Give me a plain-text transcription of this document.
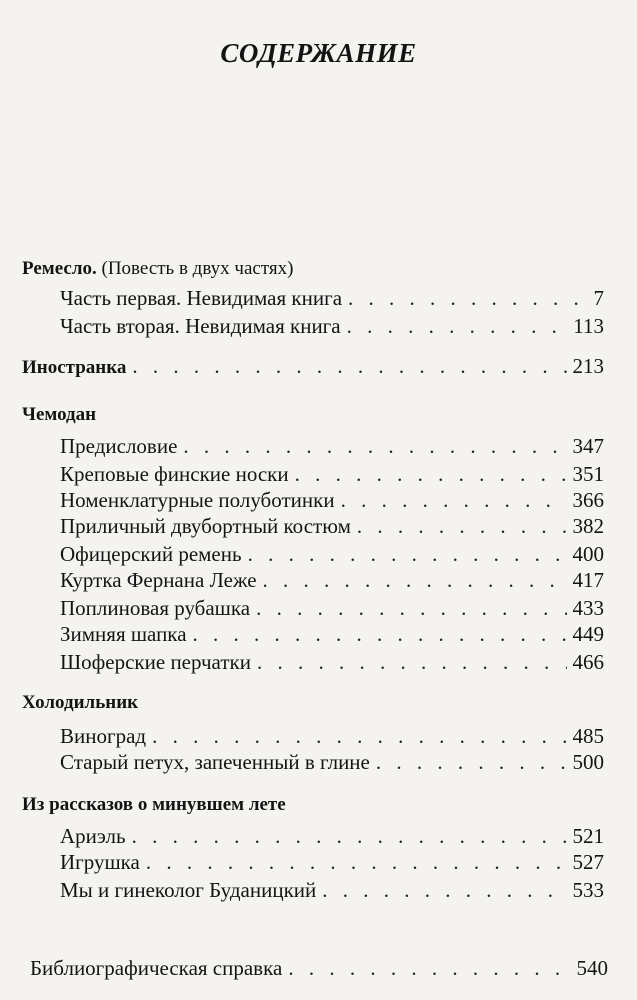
СОДЕРЖАНИЕ
Ремесло. (Повесть в двух частях)
Часть первая. Невидимая книга . . .	7
Часть вторая. Невидимая книга . . .	113
Иностранка . . .	213
Чемодан
Предисловие . . .	347
Креповые финские носки . . .	351
Номенклатурные полуботинки . . .	366
Приличный двубортный костюм . . .	382
Офицерский ремень . . .	400
Куртка Фернана Леже . . .	417
Поплиновая рубашка . . .	433
Зимняя шапка . . .	449
Шоферские перчатки . . .	466
Холодильник
Виноград . . .	485
Старый петух, запеченный в глине . . .	500
Из рассказов о минувшем лете
Ариэль . . .	521
Игрушка . . .	527
Мы и гинеколог Буданицкий . . .	533
Библиографическая справка . . .	540
